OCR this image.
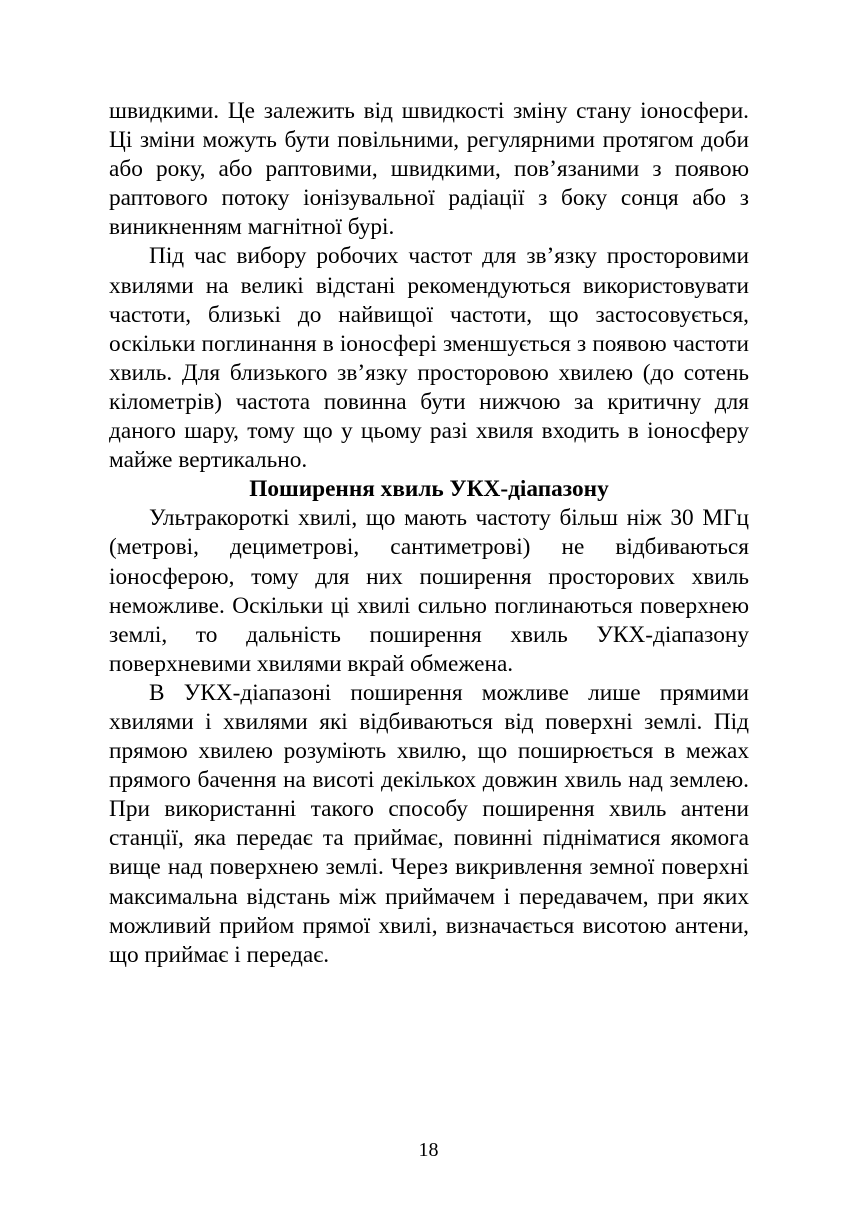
швидкими. Це залежить від швидкості зміну стану іоносфери. Ці зміни можуть бути повільними, регулярними протягом доби або року, або раптовими, швидкими, пов’язаними з появою раптового потоку іонізувальної радіації з боку сонця або з виникненням магнітної бурі.

Під час вибору робочих частот для зв’язку просторовими хвилями на великі відстані рекомендуються використовувати частоти, близькі до найвищої частоти, що застосовується, оскільки поглинання в іоносфері зменшується з появою частоти хвиль. Для близького зв’язку просторовою хвилею (до сотень кілометрів) частота повинна бути нижчою за критичну для даного шару, тому що у цьому разі хвиля входить в іоносферу майже вертикально.

Поширення хвиль УКХ-діапазону

Ультракороткі хвилі, що мають частоту більш ніж 30 МГц (метрові, дециметрові, сантиметрові) не відбиваються іоносферою, тому для них поширення просторових хвиль неможливе. Оскільки ці хвилі сильно поглинаються поверхнею землі, то дальність поширення хвиль УКХ-діапазону поверхневими хвилями вкрай обмежена.

В УКХ-діапазоні поширення можливе лише прямими хвилями і хвилями які відбиваються від поверхні землі. Під прямою хвилею розуміють хвилю, що поширюється в межах прямого бачення на висоті декількох довжин хвиль над землею. При використанні такого способу поширення хвиль антени станції, яка передає та приймає, повинні підніматися якомога вище над поверхнею землі. Через викривлення земної поверхні максимальна відстань між приймачем і передавачем, при яких можливий прийом прямої хвилі, визначається висотою антени, що приймає і передає.

18
